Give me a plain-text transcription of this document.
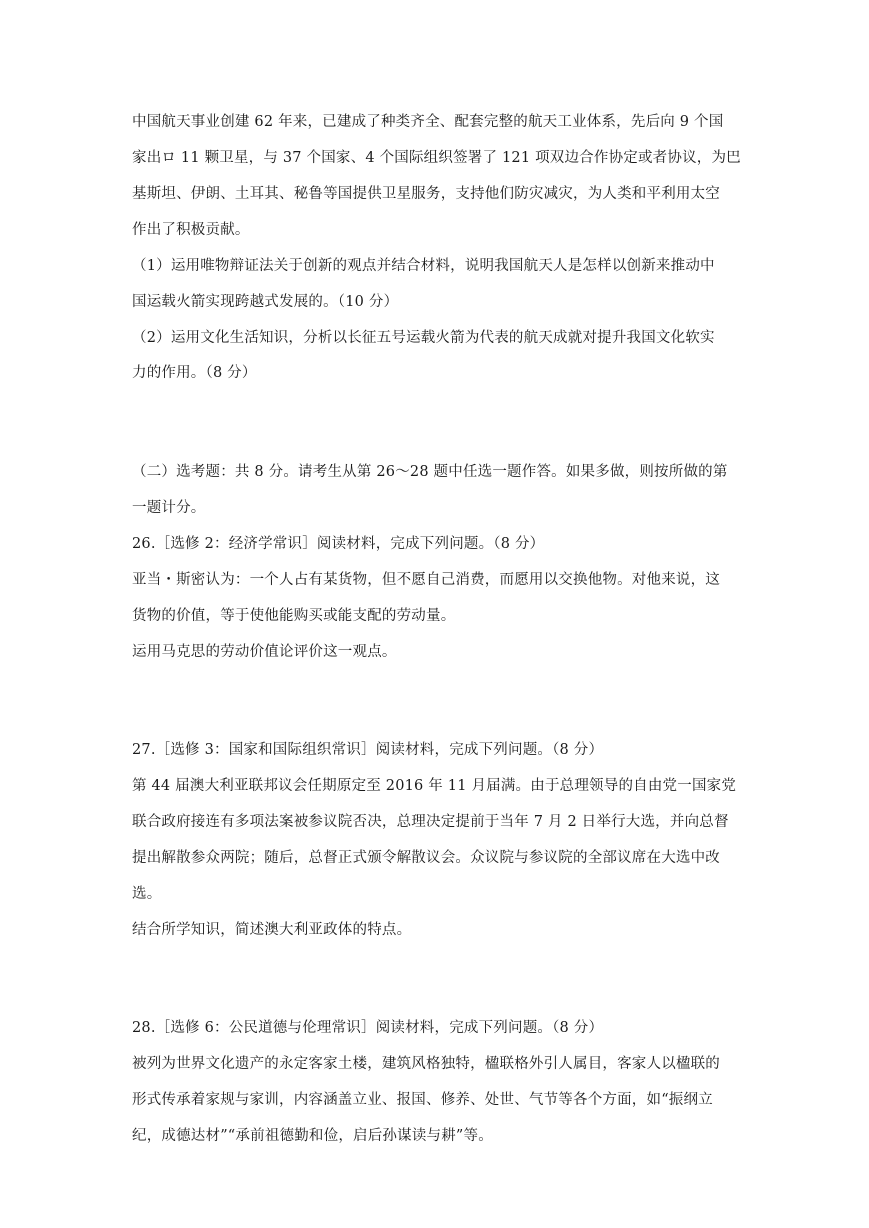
中国航天事业创建 62 年来，已建成了种类齐全、配套完整的航天工业体系，先后向 9 个国
家出ロ 11 颗卫星，与 37 个国家、4 个国际组织签署了 121 项双边合作协定或者协议，为巴
基斯坦、伊朗、土耳其、秘鲁等国提供卫星服务，支持他们防灾减灾，为人类和平利用太空
作出了积极贡献。
（1）运用唯物辩证法关于创新的观点并结合材料，说明我国航天人是怎样以创新来推动中
国运载火箭实现跨越式发展的。（10 分）
（2）运用文化生活知识，分析以长征五号运载火箭为代表的航天成就对提升我国文化软实
力的作用。（8 分）
（二）选考题：共 8 分。请考生从第 26～28 题中任选一题作答。如果多做，则按所做的第
一题计分。
26.［选修 2：经济学常识］阅读材料，完成下列问题。（8 分）
亚当・斯密认为：一个人占有某货物，但不愿自己消费，而愿用以交换他物。对他来说，这
货物的价值，等于使他能购买或能支配的劳动量。
运用马克思的劳动价值论评价这一观点。
27.［选修 3：国家和国际组织常识］阅读材料，完成下列问题。（8 分）
第 44 届澳大利亚联邦议会任期原定至 2016 年 11 月届满。由于总理领导的自由党一国家党
联合政府接连有多项法案被参议院否决，总理决定提前于当年 7 月 2 日举行大选，并向总督
提出解散参众两院；随后，总督正式颁令解散议会。众议院与参议院的全部议席在大选中改
选。
结合所学知识，简述澳大利亚政体的特点。
28.［选修 6：公民道德与伦理常识］阅读材料，完成下列问题。（8 分）
被列为世界文化遗产的永定客家土楼，建筑风格独特，楹联格外引人属目，客家人以楹联的
形式传承着家规与家训，内容涵盖立业、报国、修养、处世、气节等各个方面，如“振纲立
纪，成德达材”“承前祖德勤和俭，启后孙谋读与耕”等。
